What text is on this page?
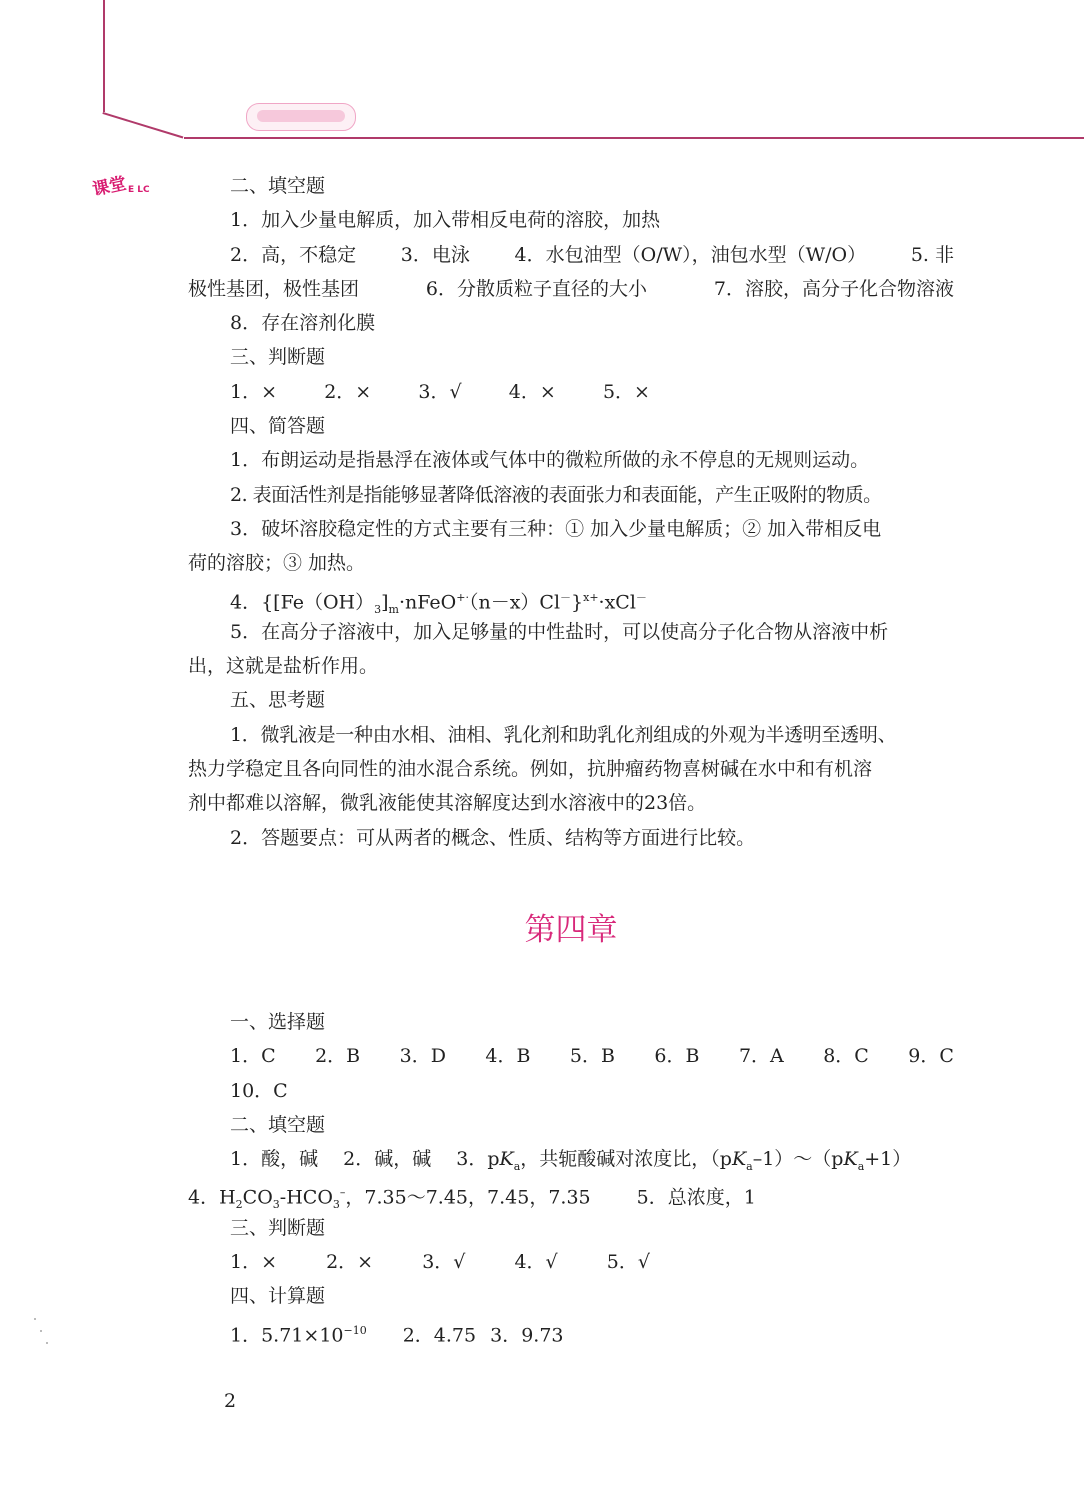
课堂E LC	二、填空题
1．加入少量电解质，加入带相反电荷的溶胶，加热
2．高，不稳定 3．电泳 4．水包油型（O/W），油包水型（W/O） 5. 非
极性基团，极性基团	6．分散质粒子直径的大小	7．溶胶，高分子化合物溶液
8．存在溶剂化膜
三、判断题
1．× 2．× 3．√ 4．× 5．×
四、简答题
1．布朗运动是指悬浮在液体或气体中的微粒所做的永不停息的无规则运动。
2. 表面活性剂是指能够显著降低溶液的表面张力和表面能，产生正吸附的物质。
3．破坏溶胶稳定性的方式主要有三种：① 加入少量电解质；② 加入带相反电
荷的溶胶；③ 加热。
4．$\{[Fe(OH)_3]_m\cdot nFeO^{+\cdot}(n-x)Cl^-\}^{x+}\cdot xCl^-$
5．在高分子溶液中，加入足够量的中性盐时，可以使高分子化合物从溶液中析
出，这就是盐析作用。
五、思考题
1．微乳液是一种由水相、油相、乳化剂和助乳化剂组成的外观为半透明至透明、
热力学稳定且各向同性的油水混合系统。例如，抗肿瘤药物喜树碱在水中和有机溶
剂中都难以溶解，微乳液能使其溶解度达到水溶液中的23倍。
2．答题要点：可从两者的概念、性质、结构等方面进行比较。
第四章
一、选择题
1．C 2．B 3．D 4．B 5．B 6．B 7．A 8．C 9．C
10．C
二、填空题
1．酸，碱　 2．碱，碱　 3．$pK_a$，共轭酸碱对浓度比，$(pK_a-1)\sim(pK_a+1)$
4．$H_2CO_3-HCO_3^-$，7.35～7.45，7.45，7.35 5．总浓度，1
三、判断题
1．×	2．×	3．√	4．√	5．√
四、计算题
1．$5.71\times 10^{-10}$ 2．4.75 3．9.73
2
